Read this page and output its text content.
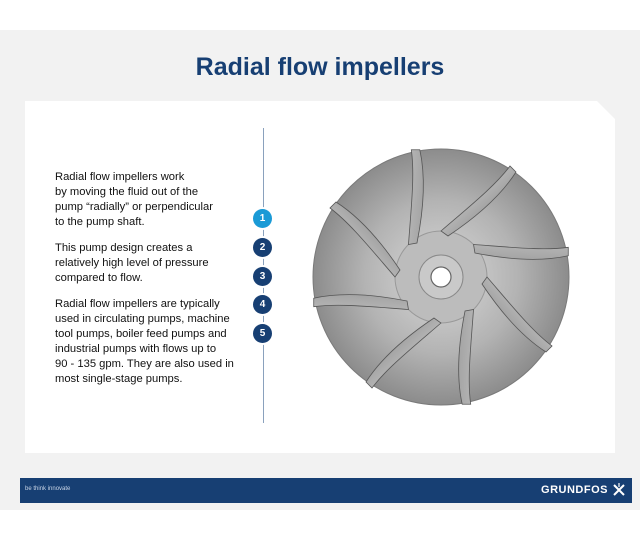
Radial flow impellers

Radial flow impellers work
by moving the fluid out of the
pump “radially” or perpendicular
to the pump shaft.

This pump design creates a
relatively high level of pressure
compared to flow.

Radial flow impellers are typically
used in circulating pumps, machine
tool pumps, boiler feed pumps and
industrial pumps with flows up to
90 - 135 gpm. They are also used in
most single-stage pumps.

1
2
3
4
5
be think innovate	GRUNDFOS
